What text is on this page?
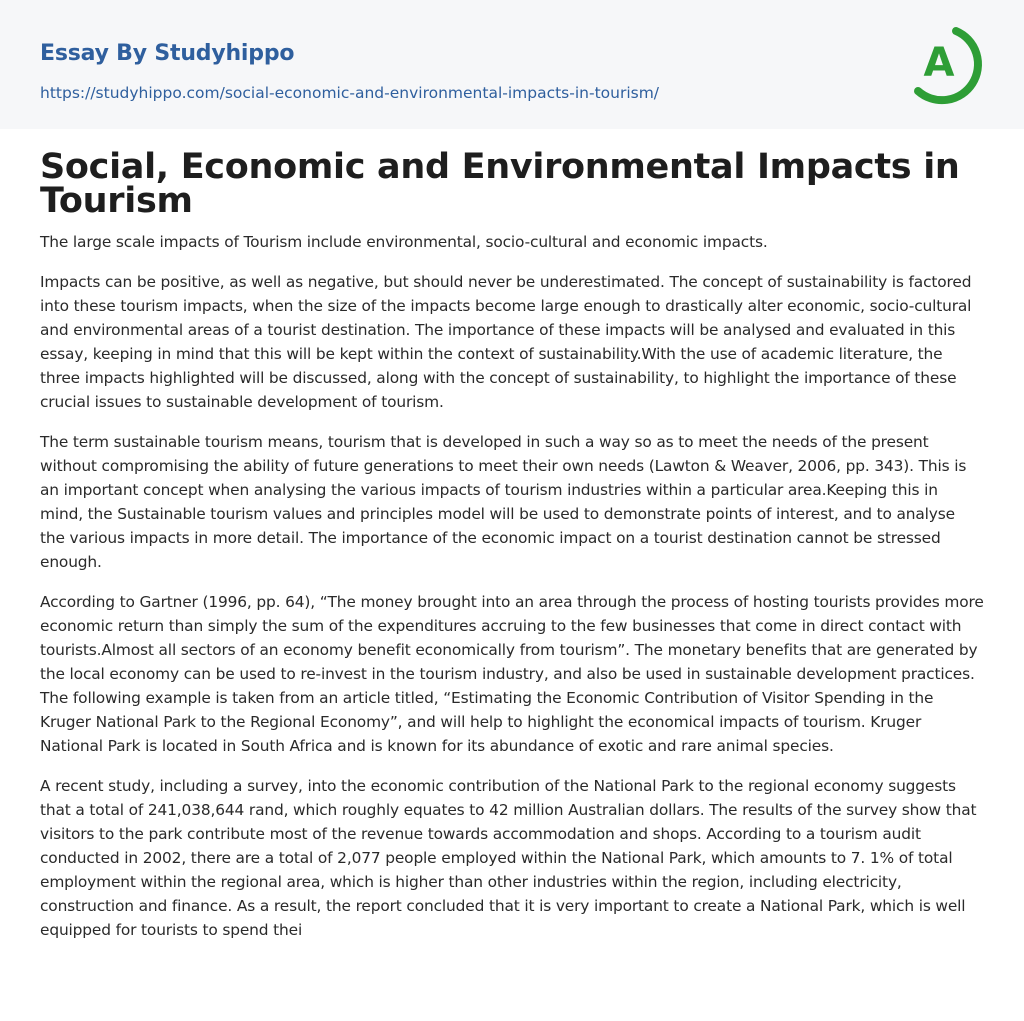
Essay By Studyhippo
https://studyhippo.com/social-economic-and-environmental-impacts-in-tourism/
A
Social, Economic and Environmental Impacts in Tourism

The large scale impacts of Tourism include environmental, socio-cultural and economic impacts.

Impacts can be positive, as well as negative, but should never be underestimated. The concept of sustainability is factored into these tourism impacts, when the size of the impacts become large enough to drastically alter economic, socio-cultural and environmental areas of a tourist destination. The importance of these impacts will be analysed and evaluated in this essay, keeping in mind that this will be kept within the context of sustainability.With the use of academic literature, the three impacts highlighted will be discussed, along with the concept of sustainability, to highlight the importance of these crucial issues to sustainable development of tourism.

The term sustainable tourism means, tourism that is developed in such a way so as to meet the needs of the present without compromising the ability of future generations to meet their own needs (Lawton & Weaver, 2006, pp. 343). This is an important concept when analysing the various impacts of tourism industries within a particular area.Keeping this in mind, the Sustainable tourism values and principles model will be used to demonstrate points of interest, and to analyse the various impacts in more detail. The importance of the economic impact on a tourist destination cannot be stressed enough.

According to Gartner (1996, pp. 64), “The money brought into an area through the process of hosting tourists provides more economic return than simply the sum of the expenditures accruing to the few businesses that come in direct contact with tourists.Almost all sectors of an economy benefit economically from tourism”. The monetary benefits that are generated by the local economy can be used to re-invest in the tourism industry, and also be used in sustainable development practices. The following example is taken from an article titled, “Estimating the Economic Contribution of Visitor Spending in the Kruger National Park to the Regional Economy”, and will help to highlight the economical impacts of tourism. Kruger National Park is located in South Africa and is known for its abundance of exotic and rare animal species.

A recent study, including a survey, into the economic contribution of the National Park to the regional economy suggests that a total of 241,038,644 rand, which roughly equates to 42 million Australian dollars. The results of the survey show that visitors to the park contribute most of the revenue towards accommodation and shops. According to a tourism audit conducted in 2002, there are a total of 2,077 people employed within the National Park, which amounts to 7. 1% of total employment within the regional area, which is higher than other industries within the region, including electricity, construction and finance. As a result, the report concluded that it is very important to create a National Park, which is well equipped for tourists to spend thei
